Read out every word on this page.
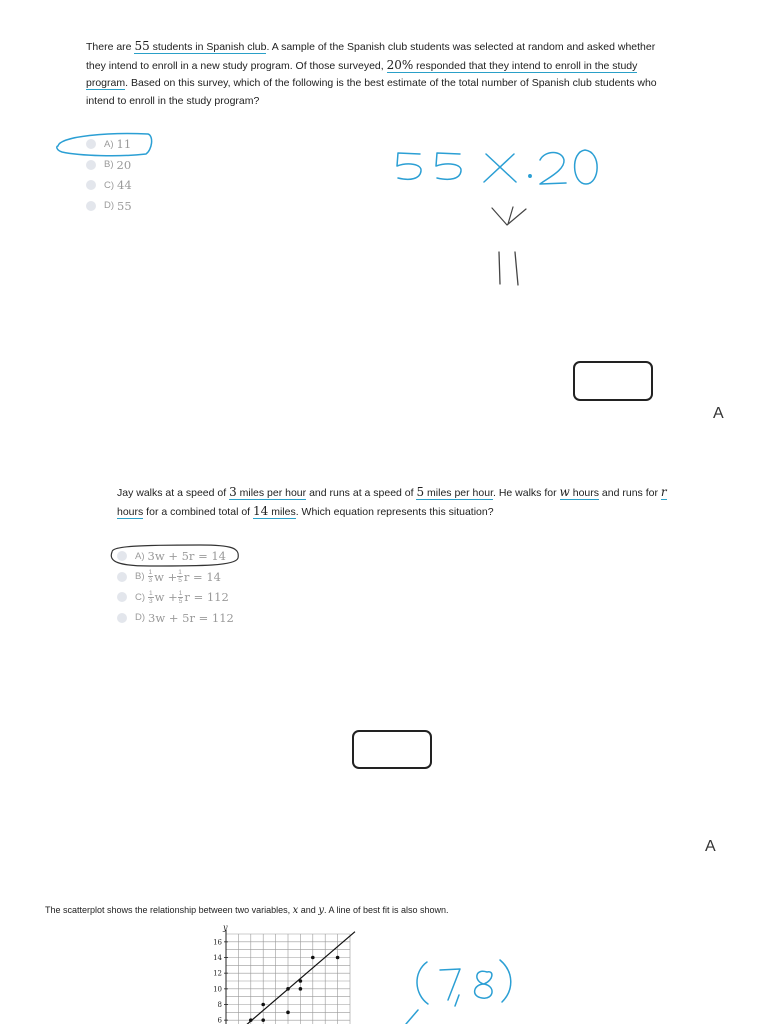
There are 55 students in Spanish club. A sample of the Spanish club students was selected at random and asked whether they intend to enroll in a new study program. Of those surveyed, 20% responded that they intend to enroll in the study program. Based on this survey, which of the following is the best estimate of the total number of Spanish club students who intend to enroll in the study program?
A) 11
B) 20
C) 44
D) 55
A
Jay walks at a speed of 3 miles per hour and runs at a speed of 5 miles per hour. He walks for w hours and runs for r hours for a combined total of 14 miles. Which equation represents this situation?
A) 3w + 5r = 14
$B) \frac{1}{3}$ $w + \frac{1}{5}$ r = 14
$C) \frac{1}{3}$ $w + \frac{1}{5}$ r = 112
D) 3w + 5r = 112
A
The scatterplot shows the relationship between two variables, x and y. A line of best fit is also shown.
y
16
14
12
10
8
6
